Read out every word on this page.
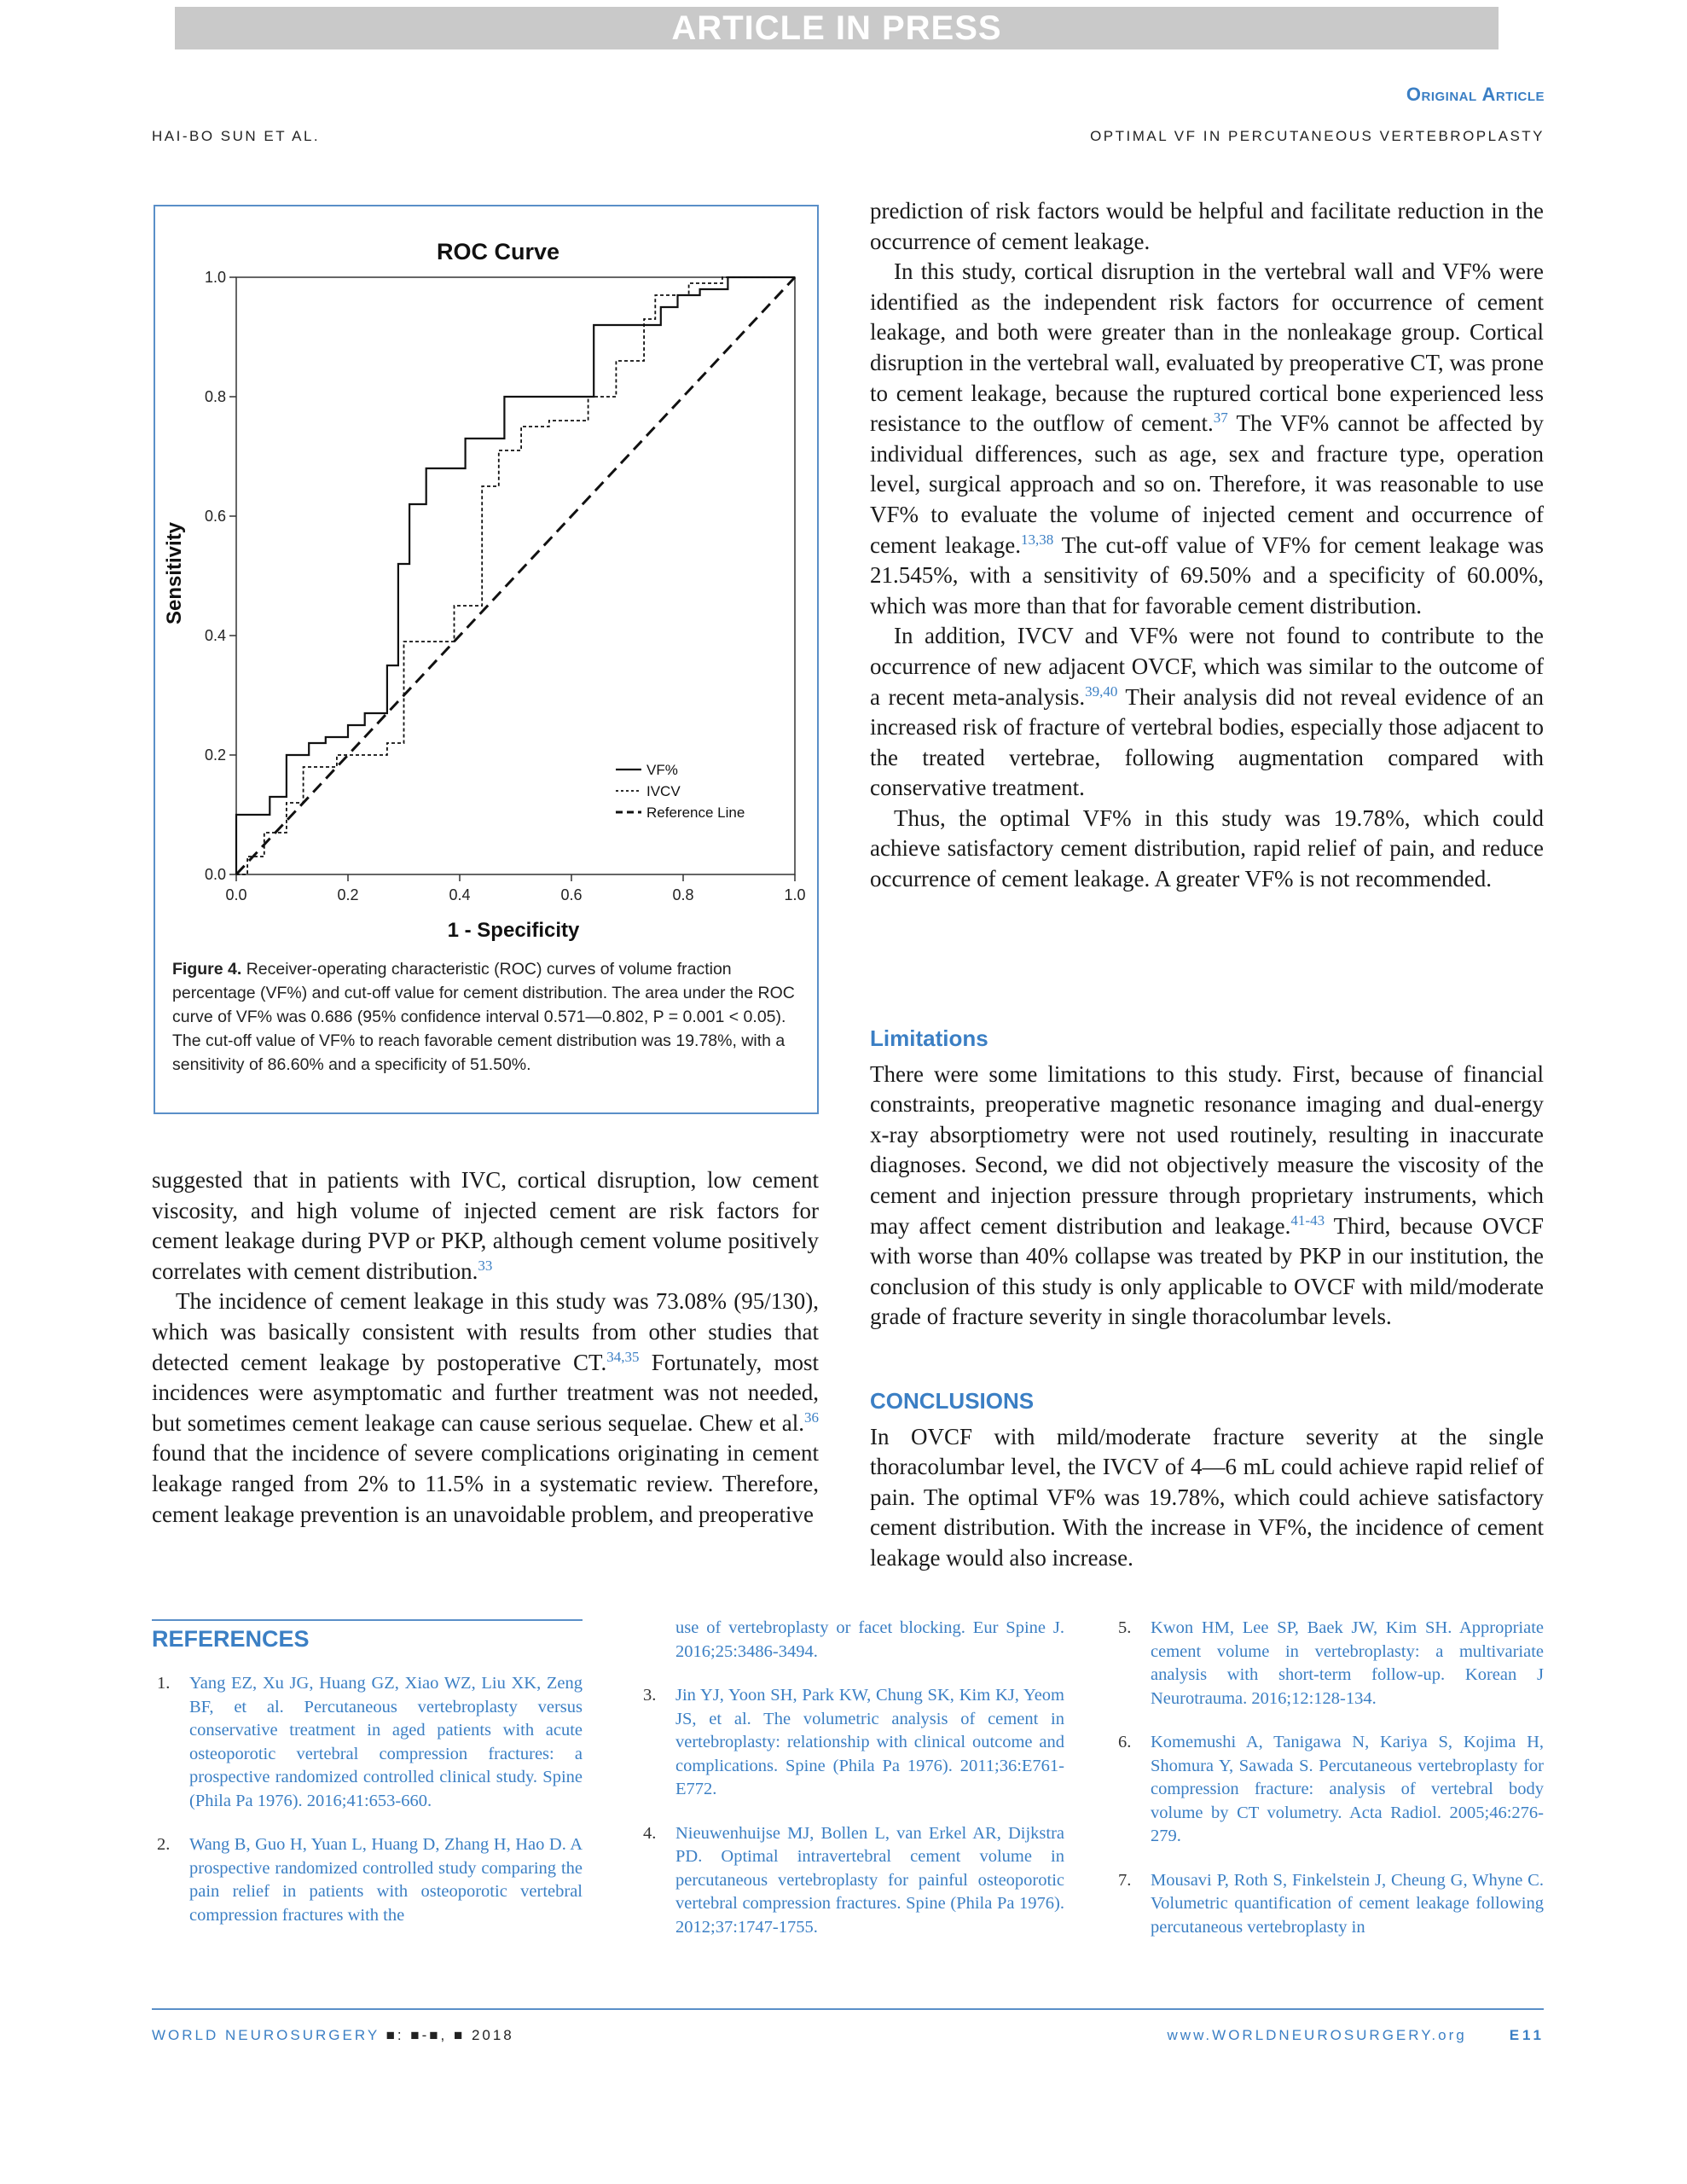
ARTICLE IN PRESS
Original Article
HAI-BO SUN ET AL.	OPTIMAL VF IN PERCUTANEOUS VERTEBROPLASTY
ROC Curve
Sensitivity
1 - Specificity
0.0	0.2	0.4	0.6	0.8	1.0
0.0
0.2
0.4
0.6
0.8
1.0
VF%
IVCV
Reference Line
Figure 4. Receiver-operating characteristic (ROC) curves of volume fraction percentage (VF%) and cut-off value for cement distribution. The area under the ROC curve of VF% was 0.686 (95% confidence interval 0.571—0.802, P = 0.001 < 0.05). The cut-off value of VF% to reach favorable cement distribution was 19.78%, with a sensitivity of 86.60% and a specificity of 51.50%.

suggested that in patients with IVC, cortical disruption, low cement viscosity, and high volume of injected cement are risk factors for cement leakage during PVP or PKP, although cement volume positively correlates with cement distribution.$^{33}$

The incidence of cement leakage in this study was 73.08% (95/130), which was basically consistent with results from other studies that detected cement leakage by postoperative CT.$^{34,35}$ Fortunately, most incidences were asymptomatic and further treatment was not needed, but sometimes cement leakage can cause serious sequelae. Chew et al.$^{36}$ found that the incidence of severe complications originating in cement leakage ranged from 2% to 11.5% in a systematic review. Therefore, cement leakage prevention is an unavoidable problem, and preoperative

prediction of risk factors would be helpful and facilitate reduction in the occurrence of cement leakage.

In this study, cortical disruption in the vertebral wall and VF% were identified as the independent risk factors for occurrence of cement leakage, and both were greater than in the nonleakage group. Cortical disruption in the vertebral wall, evaluated by preoperative CT, was prone to cement leakage, because the ruptured cortical bone experienced less resistance to the outflow of cement.$^{37}$ The VF% cannot be affected by individual differences, such as age, sex and fracture type, operation level, surgical approach and so on. Therefore, it was reasonable to use VF% to evaluate the volume of injected cement and occurrence of cement leakage.$^{13,38}$ The cut-off value of VF% for cement leakage was 21.545%, with a sensitivity of 69.50% and a specificity of 60.00%, which was more than that for favorable cement distribution.

In addition, IVCV and VF% were not found to contribute to the occurrence of new adjacent OVCF, which was similar to the outcome of a recent meta-analysis.$^{39,40}$ Their analysis did not reveal evidence of an increased risk of fracture of vertebral bodies, especially those adjacent to the treated vertebrae, following augmentation compared with conservative treatment.

Thus, the optimal VF% in this study was 19.78%, which could achieve satisfactory cement distribution, rapid relief of pain, and reduce occurrence of cement leakage. A greater VF% is not recommended.

Limitations

There were some limitations to this study. First, because of financial constraints, preoperative magnetic resonance imaging and dual-energy x-ray absorptiometry were not used routinely, resulting in inaccurate diagnoses. Second, we did not objectively measure the viscosity of the cement and injection pressure through proprietary instruments, which may affect cement distribution and leakage.$^{41-43}$ Third, because OVCF with worse than 40% collapse was treated by PKP in our institution, the conclusion of this study is only applicable to OVCF with mild/moderate grade of fracture severity in single thoracolumbar levels.

CONCLUSIONS

In OVCF with mild/moderate fracture severity at the single thoracolumbar level, the IVCV of 4—6 mL could achieve rapid relief of pain. The optimal VF% was 19.78%, which could achieve satisfactory cement distribution. With the increase in VF%, the incidence of cement leakage would also increase.

REFERENCES
1. Yang EZ, Xu JG, Huang GZ, Xiao WZ, Liu XK, Zeng BF, et al. Percutaneous vertebroplasty versus conservative treatment in aged patients with acute osteoporotic vertebral compression fractures: a prospective randomized controlled clinical study. Spine (Phila Pa 1976). 2016;41:653-660.
2. Wang B, Guo H, Yuan L, Huang D, Zhang H, Hao D. A prospective randomized controlled study comparing the pain relief in patients with osteoporotic vertebral compression fractures with the
use of vertebroplasty or facet blocking. Eur Spine J. 2016;25:3486-3494.
3. Jin YJ, Yoon SH, Park KW, Chung SK, Kim KJ, Yeom JS, et al. The volumetric analysis of cement in vertebroplasty: relationship with clinical outcome and complications. Spine (Phila Pa 1976). 2011;36:E761-E772.
4. Nieuwenhuijse MJ, Bollen L, van Erkel AR, Dijkstra PD. Optimal intravertebral cement volume in percutaneous vertebroplasty for painful osteoporotic vertebral compression fractures. Spine (Phila Pa 1976). 2012;37:1747-1755.
5. Kwon HM, Lee SP, Baek JW, Kim SH. Appropriate cement volume in vertebroplasty: a multivariate analysis with short-term follow-up. Korean J Neurotrauma. 2016;12:128-134.
6. Komemushi A, Tanigawa N, Kariya S, Kojima H, Shomura Y, Sawada S. Percutaneous vertebroplasty for compression fracture: analysis of vertebral body volume by CT volumetry. Acta Radiol. 2005;46:276-279.
7. Mousavi P, Roth S, Finkelstein J, Cheung G, Whyne C. Volumetric quantification of cement leakage following percutaneous vertebroplasty in
WORLD NEUROSURGERY ■: ■-■, ■ 2018	www.WORLDNEUROSURGERY.org	E11
